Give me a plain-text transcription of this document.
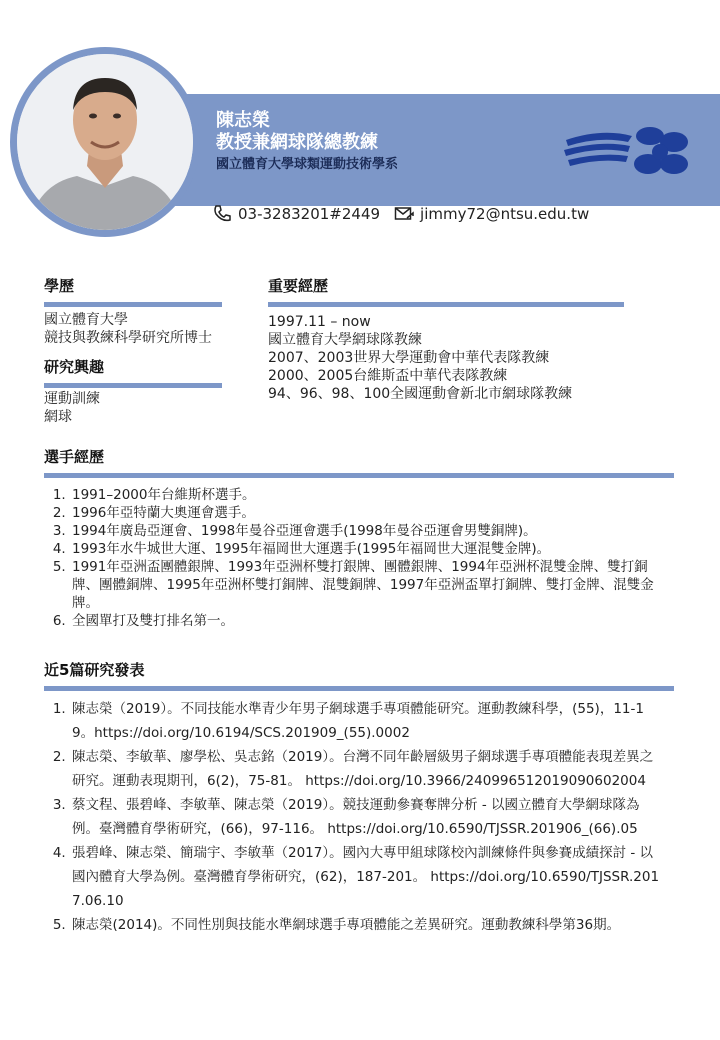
陳志榮
教授兼網球隊總教練
國立體育大學球類運動技術學系
03-3283201#2449	jimmy72@ntsu.edu.tw
學歷
國立體育大學
競技與教練科學研究所博士
研究興趣
運動訓練
網球
重要經歷
1997.11 – now
國立體育大學網球隊教練
2007、2003世界大學運動會中華代表隊教練
2000、2005台維斯盃中華代表隊教練
94、96、98、100全國運動會新北市網球隊教練
選手經歷
1. 1991–2000年台維斯杯選手。
2. 1996年亞特蘭大奧運會選手。
3. 1994年廣島亞運會、1998年曼谷亞運會選手(1998年曼谷亞運會男雙銅牌)。
4. 1993年水牛城世大運、1995年福岡世大運選手(1995年福岡世大運混雙金牌)。
5. 1991年亞洲盃團體銀牌、1993年亞洲杯雙打銀牌、團體銀牌、1994年亞洲杯混雙金牌、雙打銅牌、團體銅牌、1995年亞洲杯雙打銅牌、混雙銅牌、1997年亞洲盃單打銅牌、雙打金牌、混雙金牌。
6. 全國單打及雙打排名第一。
近5篇研究發表
1. 陳志榮（2019）。不同技能水準青少年男子網球選手專項體能研究。運動教練科學，(55)，11-19。https://doi.org/10.6194/SCS.201909_(55).0002
2. 陳志榮、李敏華、廖學松、吳志銘（2019）。台灣不同年齡層級男子網球選手專項體能表現差異之研究。運動表現期刊，6(2)，75-81。 https://doi.org/10.3966/240996512019090602004
3. 蔡文程、張碧峰、李敏華、陳志榮（2019）。競技運動參賽奪牌分析 - 以國立體育大學網球隊為例。臺灣體育學術研究，(66)，97-116。 https://doi.org/10.6590/TJSSR.201906_(66).05
4. 張碧峰、陳志榮、簡瑞宇、李敏華（2017）。國內大專甲組球隊校內訓練條件與參賽成績探討 - 以國內體育大學為例。臺灣體育學術研究，(62)，187-201。 https://doi.org/10.6590/TJSSR.2017.06.10
5. 陳志榮(2014)。不同性別與技能水準網球選手專項體能之差異研究。運動教練科學第36期。
